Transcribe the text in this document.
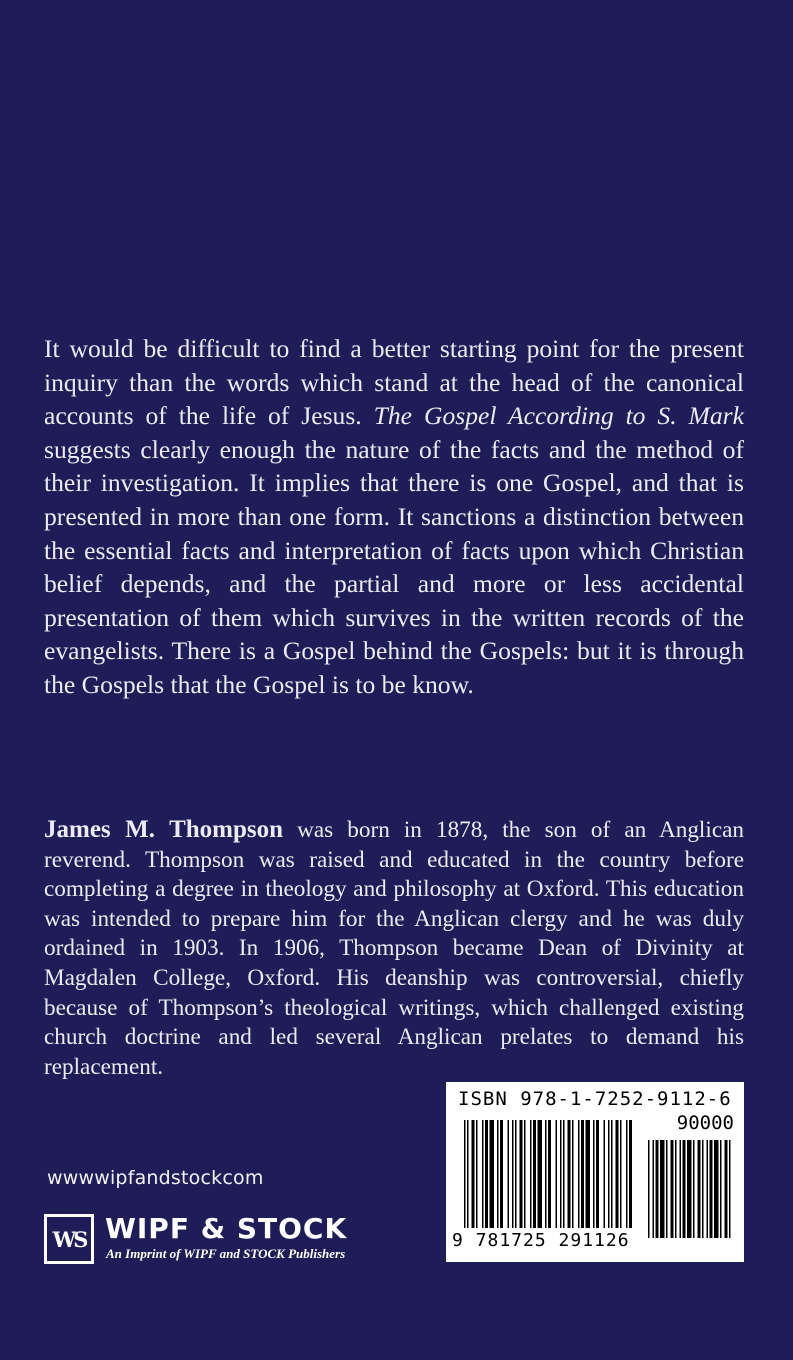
It would be difficult to find a better starting point for the present inquiry than the words which stand at the head of the canonical accounts of the life of Jesus. The Gospel According to S. Mark suggests clearly enough the nature of the facts and the method of their investigation. It implies that there is one Gospel, and that is presented in more than one form. It sanctions a distinction between the essential facts and interpretation of facts upon which Christian belief depends, and the partial and more or less accidental presentation of them which survives in the written records of the evangelists. There is a Gospel behind the Gospels: but it is through the Gospels that the Gospel is to be know.

James M. Thompson was born in 1878, the son of an Anglican reverend. Thompson was raised and educated in the country before completing a degree in theology and philosophy at Oxford. This education was intended to prepare him for the Anglican clergy and he was duly ordained in 1903. In 1906, Thompson became Dean of Divinity at Magdalen College, Oxford. His deanship was controversial, chiefly because of Thompson’s theological writings, which challenged existing church doctrine and led several Anglican prelates to demand his replacement.

wwwwipfandstockcom
WS WIPF & STOCK
An Imprint of WIPF and STOCK Publishers
ISBN 978-1-7252-9112-6
90000
9 781725 291126
